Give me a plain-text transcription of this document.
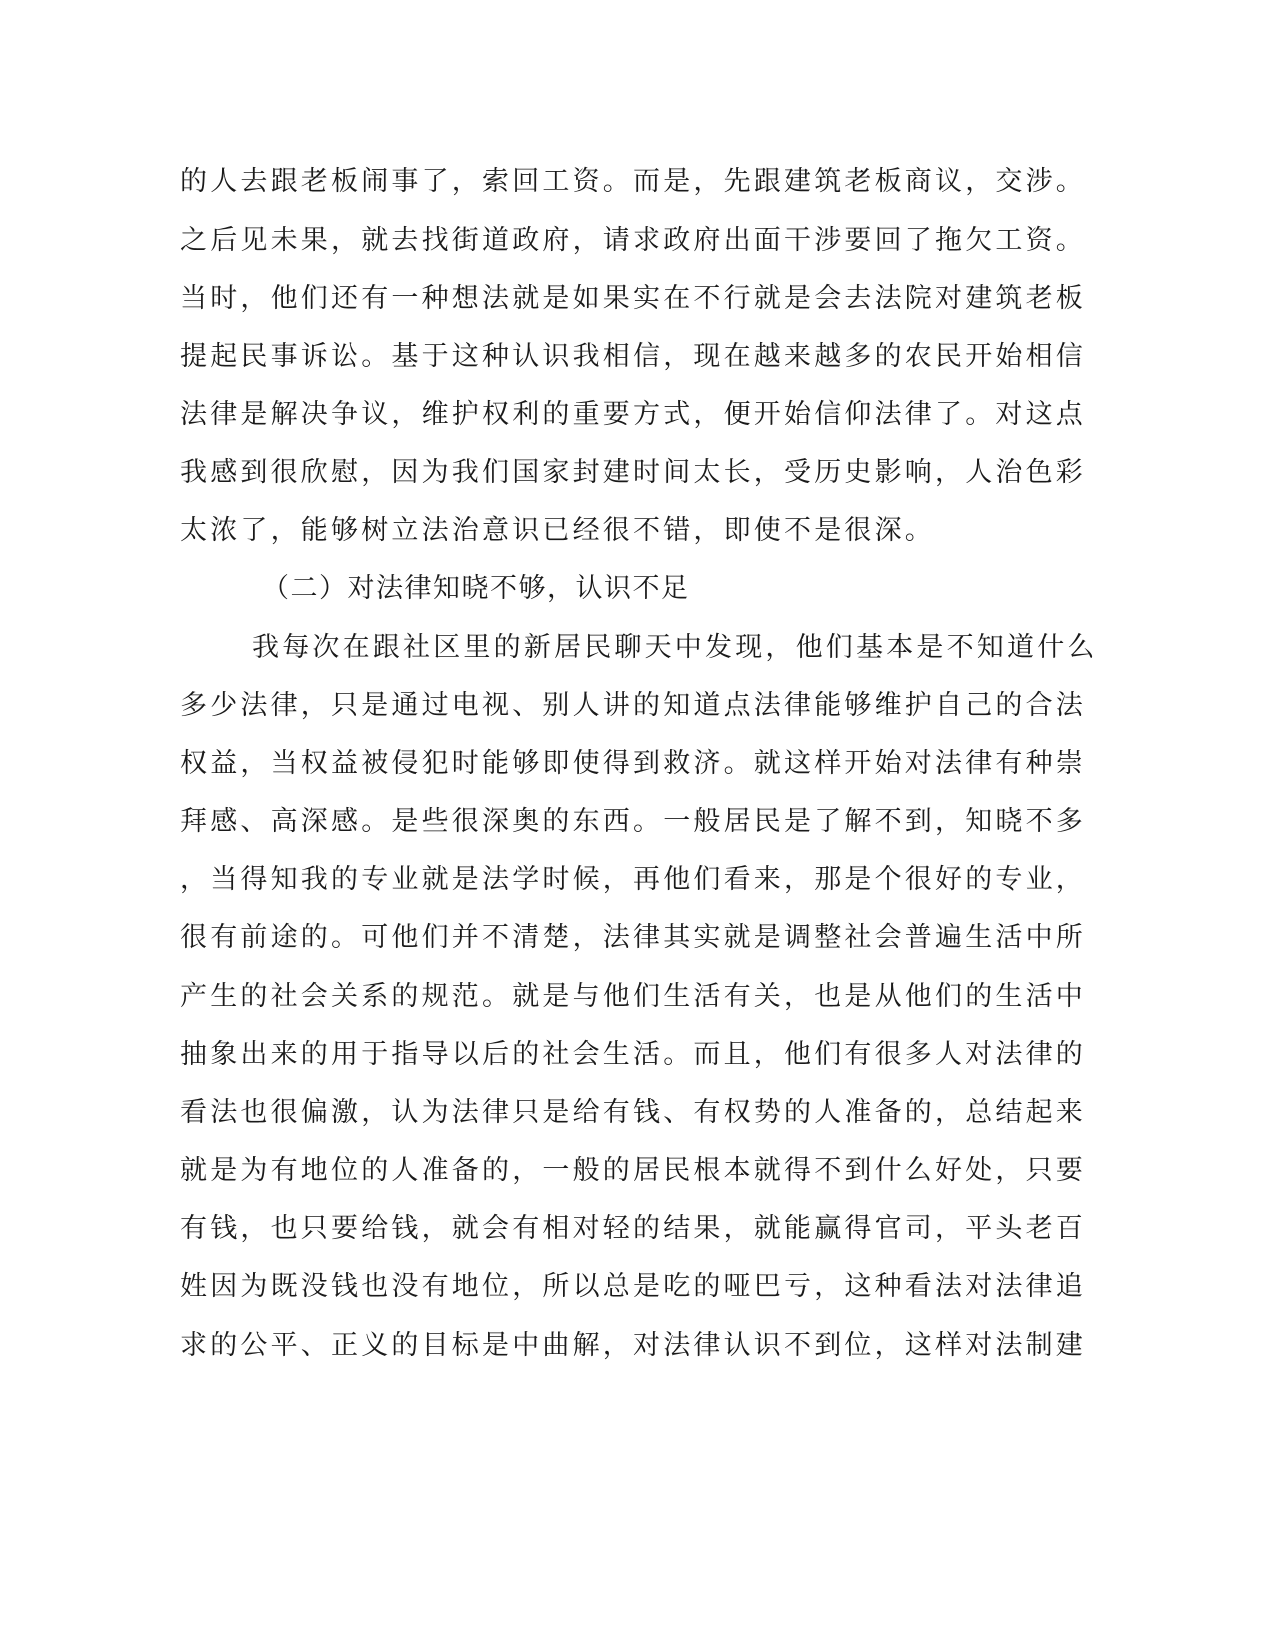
的人去跟老板闹事了，索回工资。而是，先跟建筑老板商议，交涉。
之后见未果，就去找街道政府，请求政府出面干涉要回了拖欠工资。
当时，他们还有一种想法就是如果实在不行就是会去法院对建筑老板
提起民事诉讼。基于这种认识我相信，现在越来越多的农民开始相信
法律是解决争议，维护权利的重要方式，便开始信仰法律了。对这点
我感到很欣慰，因为我们国家封建时间太长，受历史影响，人治色彩
太浓了，能够树立法治意识已经很不错，即使不是很深。
（二）对法律知晓不够，认识不足
我每次在跟社区里的新居民聊天中发现，他们基本是不知道什么
多少法律，只是通过电视、别人讲的知道点法律能够维护自己的合法
权益，当权益被侵犯时能够即使得到救济。就这样开始对法律有种崇
拜感、高深感。是些很深奥的东西。一般居民是了解不到，知晓不多
，当得知我的专业就是法学时候，再他们看来，那是个很好的专业，
很有前途的。可他们并不清楚，法律其实就是调整社会普遍生活中所
产生的社会关系的规范。就是与他们生活有关，也是从他们的生活中
抽象出来的用于指导以后的社会生活。而且，他们有很多人对法律的
看法也很偏激，认为法律只是给有钱、有权势的人准备的，总结起来
就是为有地位的人准备的，一般的居民根本就得不到什么好处，只要
有钱，也只要给钱，就会有相对轻的结果，就能赢得官司，平头老百
姓因为既没钱也没有地位，所以总是吃的哑巴亏，这种看法对法律追
求的公平、正义的目标是中曲解，对法律认识不到位，这样对法制建
